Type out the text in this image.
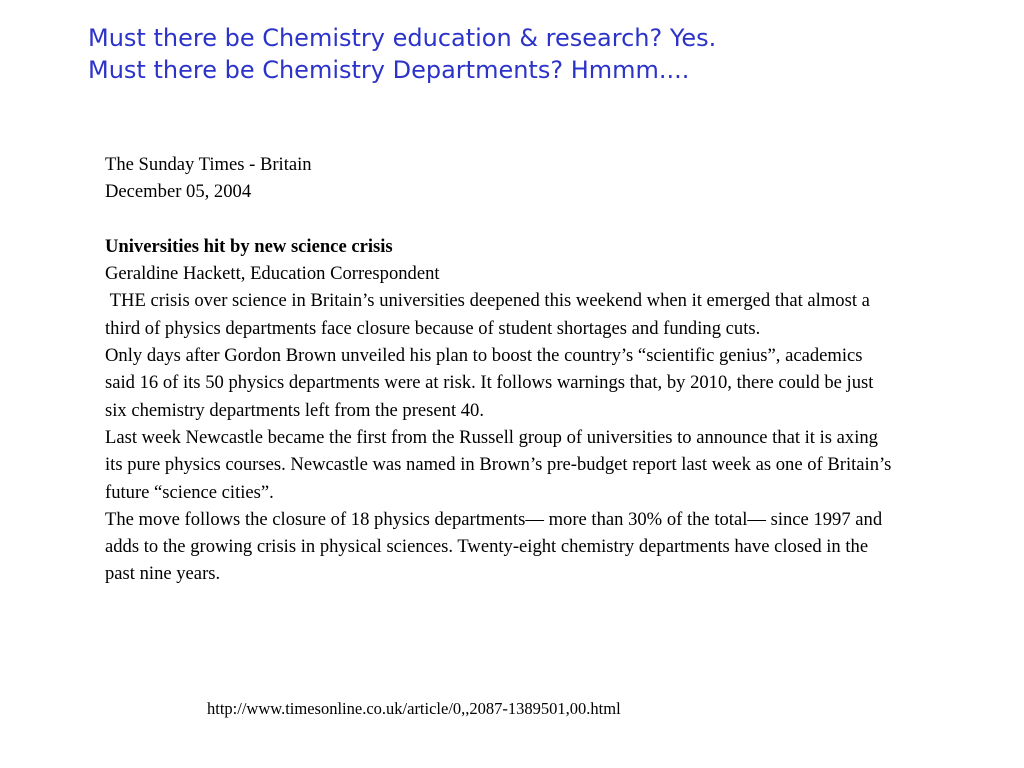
Must there be Chemistry education & research? Yes.
Must there be Chemistry Departments? Hmmm....

The Sunday Times - Britain

December 05, 2004

Universities hit by new science crisis

Geraldine Hackett, Education Correspondent

THE crisis over science in Britain’s universities deepened this weekend when it emerged that almost a third of physics departments face closure because of student shortages and funding cuts.

Only days after Gordon Brown unveiled his plan to boost the country’s “scientific genius”, academics said 16 of its 50 physics departments were at risk. It follows warnings that, by 2010, there could be just six chemistry departments left from the present 40.

Last week Newcastle became the first from the Russell group of universities to announce that it is axing its pure physics courses. Newcastle was named in Brown’s pre-budget report last week as one of Britain’s future “science cities”.

The move follows the closure of 18 physics departments— more than 30% of the total— since 1997 and adds to the growing crisis in physical sciences. Twenty-eight chemistry departments have closed in the past nine years.

http://www.timesonline.co.uk/article/0,,2087-1389501,00.html
